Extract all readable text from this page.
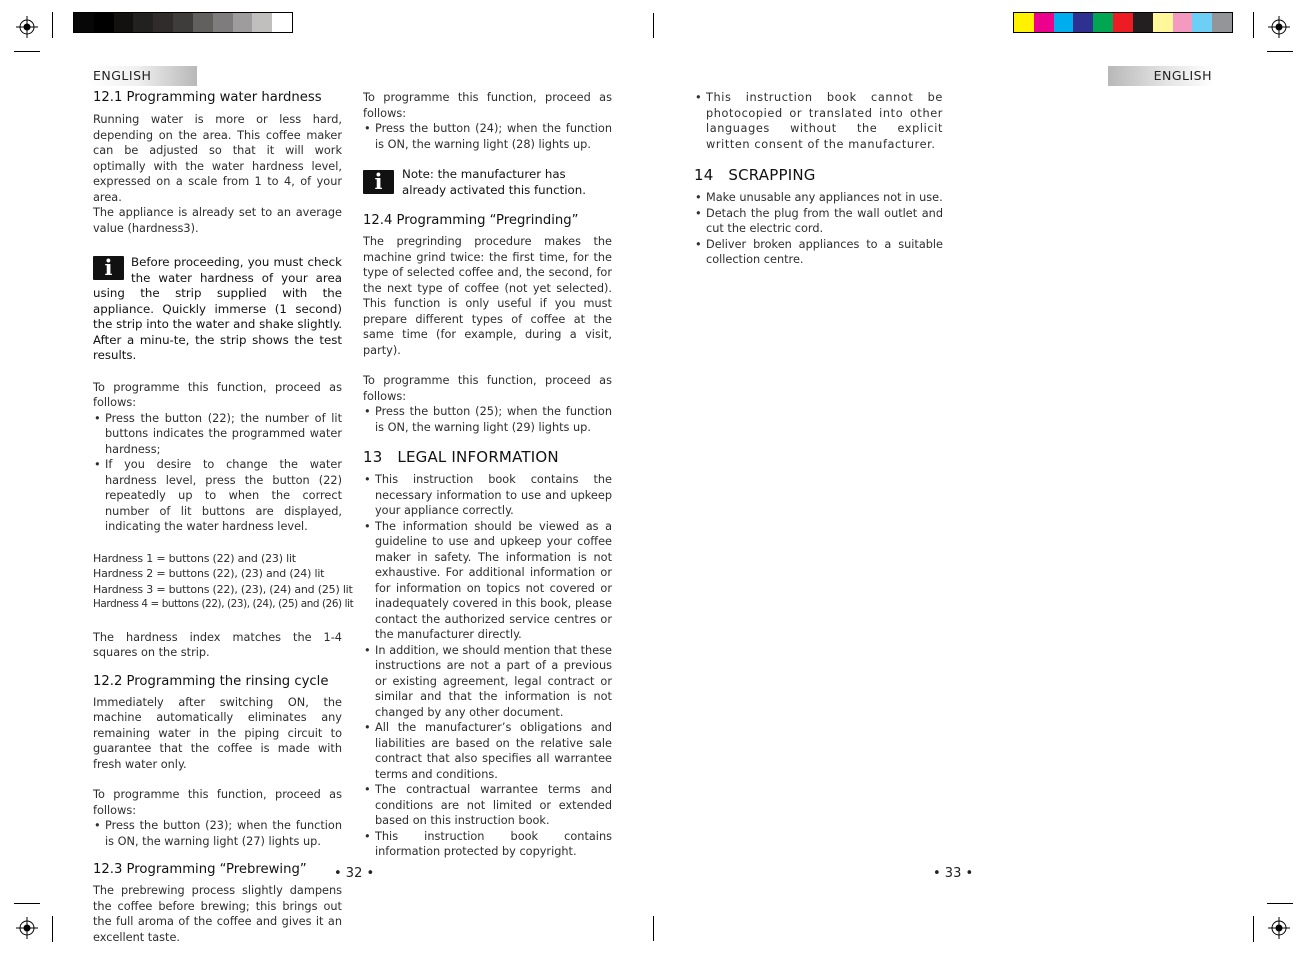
ENGLISH	ENGLISH

12.1 Programming water hardness

Running water is more or less hard, depending on the area. This coffee maker can be adjusted so that it will work optimally with the water hardness level, expressed on a scale from 1 to 4, of your area.

The appliance is already set to an average value (hardness3).

i	Before proceeding, you must check the water hardness of your area using the strip supplied with the appliance. Quickly immerse (1 second) the strip into the water and shake slightly. After a minu-te, the strip shows the test results.

To programme this function, proceed as follows:

• Press the button (22); the number of lit buttons indicates the programmed water hardness;
• If you desire to change the water hardness level, press the button (22) repeatedly up to when the correct number of lit buttons are displayed, indicating the water hardness level.
Hardness 1 = buttons (22) and (23) lit
Hardness 2 = buttons (22), (23) and (24) lit
Hardness 3 = buttons (22), (23), (24) and (25) lit
Hardness 4 = buttons (22), (23), (24), (25) and (26) lit

The hardness index matches the 1-4 squares on the strip.

12.2 Programming the rinsing cycle

Immediately after switching ON, the machine automatically eliminates any remaining water in the piping circuit to guarantee that the coffee is made with fresh water only.

To programme this function, proceed as follows:

• Press the button (23); when the function is ON, the warning light (27) lights up.

12.3 Programming “Prebrewing”

The prebrewing process slightly dampens the coffee before brewing; this brings out the full aroma of the coffee and gives it an excellent taste.

To programme this function, proceed as follows:

• Press the button (24); when the function is ON, the warning light (28) lights up.
i	Note: the manufacturer has already activated this function.

12.4 Programming “Pregrinding”

The pregrinding procedure makes the machine grind twice: the first time, for the type of selected coffee and, the second, for the next type of coffee (not yet selected). This function is only useful if you must prepare different types of coffee at the same time (for example, during a visit, party).

To programme this function, proceed as follows:

• Press the button (25); when the function is ON, the warning light (29) lights up.

13   LEGAL INFORMATION

• This instruction book contains the necessary information to use and upkeep your appliance correctly.
• The information should be viewed as a guideline to use and upkeep your coffee maker in safety. The information is not exhaustive. For additional information or for information on topics not covered or inadequately covered in this book, please contact the authorized service centres or the manufacturer directly.
• In addition, we should mention that these instructions are not a part of a previous or existing agreement, legal contract or similar and that the information is not changed by any other document.
• All the manufacturer’s obligations and liabilities are based on the relative sale contract that also specifies all warrantee terms and conditions.
• The contractual warrantee terms and conditions are not limited or extended based on this instruction book.
• This instruction book contains information protected by copyright.
• 32 •
• This instruction book cannot be photocopied or translated into other languages without the explicit written consent of the manufacturer.

14   SCRAPPING

• Make unusable any appliances not in use.
• Detach the plug from the wall outlet and cut the electric cord.
• Deliver broken appliances to a suitable collection centre.
• 33 •
